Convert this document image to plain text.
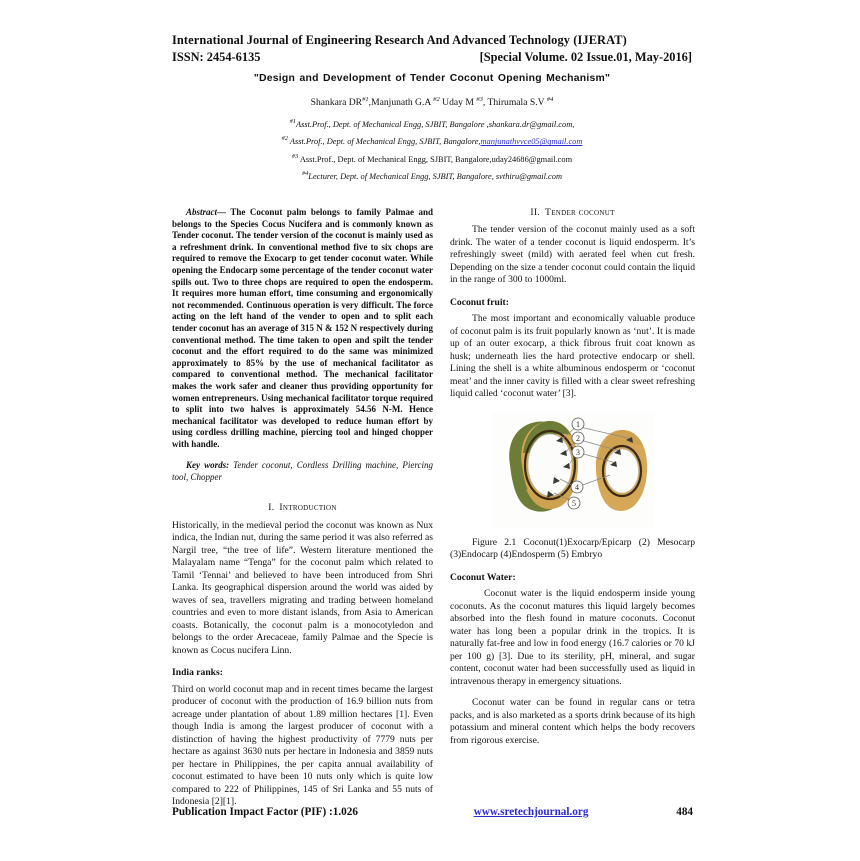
International Journal of Engineering Research And Advanced Technology (IJERAT)
ISSN: 2454-6135	[Special Volume. 02 Issue.01, May-2016]
"Design and Development of Tender Coconut Opening Mechanism"
Shankara DR$^{\#1}$,Manjunath G.A $^{\#2}$ Uday M $^{\#3}$, Thirumala S.V $^{\#4}$
$^{\#1}$Asst.Prof., Dept. of Mechanical Engg, SJBIT, Bangalore ,shankara.dr@gmail.com,
$^{\#2}$ Asst.Prof., Dept. of Mechanical Engg, SJBIT, Bangalore,manjunathvvce05@gmail.com
$^{\#3}$ Asst.Prof., Dept. of Mechanical Engg, SJBIT, Bangalore,uday24686@gmail.com
$^{\#4}$Lecturer, Dept. of Mechanical Engg, SJBIT, Bangalore, svthiru@gmail.com

Abstract— The Coconut palm belongs to family Palmae and belongs to the Species Cocus Nucifera and is commonly known as Tender coconut. The tender version of the coconut is mainly used as a refreshment drink. In conventional method five to six chops are required to remove the Exocarp to get tender coconut water. While opening the Endocarp some percentage of the tender coconut water spills out. Two to three chops are required to open the endosperm. It requires more human effort, time consuming and ergonomically not recommended. Continuous operation is very difficult. The force acting on the left hand of the vender to open and to split each tender coconut has an average of 315 N & 152 N respectively during conventional method. The time taken to open and spilt the tender coconut and the effort required to do the same was minimized approximately to 85% by the use of mechanical facilitator as compared to conventional method. The mechanical facilitator makes the work safer and cleaner thus providing opportunity for women entrepreneurs. Using mechanical facilitator torque required to split into two halves is approximately 54.56 N-M. Hence mechanical facilitator was developed to reduce human effort by using cordless drilling machine, piercing tool and hinged chopper with handle.

Key words: Tender coconut, Cordless Drilling machine, Piercing tool, Chopper

I. Introduction

Historically, in the medieval period the coconut was known as Nux indica, the Indian nut, during the same period it was also referred as Nargil tree, “the tree of life”. Western literature mentioned the Malayalam name “Tenga” for the coconut palm which related to Tamil ‘Tennai’ and believed to have been introduced from Shri Lanka. Its geographical dispersion around the world was aided by waves of sea, travellers migrating and trading between homeland countries and even to more distant islands, from Asia to American coasts. Botanically, the coconut palm is a monocotyledon and belongs to the order Arecaceae, family Palmae and the Specie is known as Cocus nucifera Linn.

India ranks:

Third on world coconut map and in recent times became the largest producer of coconut with the production of 16.9 billion nuts from acreage under plantation of about 1.89 million hectares [1]. Even though India is among the largest producer of coconut with a distinction of having the highest productivity of 7779 nuts per hectare as against 3630 nuts per hectare in Indonesia and 3859 nuts per hectare in Philippines, the per capita annual availability of coconut estimated to have been 10 nuts only which is quite low compared to 222 of Philippines, 145 of Sri Lanka and 55 nuts of Indonesia [2][1].

II. Tender coconut

The tender version of the coconut mainly used as a soft drink. The water of a tender coconut is liquid endosperm. It’s refreshingly sweet (mild) with aerated feel when cut fresh. Depending on the size a tender coconut could contain the liquid in the range of 300 to 1000ml.

Coconut fruit:

The most important and economically valuable produce of coconut palm is its fruit popularly known as ‘nut’. It is made up of an outer exocarp, a thick fibrous fruit coat known as husk; underneath lies the hard protective endocarp or shell. Lining the shell is a white albuminous endosperm or ‘coconut meat’ and the inner cavity is filled with a clear sweet refreshing liquid called ‘coconut water’ [3].

1
2
3
4
5

Figure 2.1 Coconut(1)Exocarp/Epicarp (2) Mesocarp (3)Endocarp (4)Endosperm (5) Embryo

Coconut Water:

Coconut water is the liquid endosperm inside young coconuts. As the coconut matures this liquid largely becomes absorbed into the flesh found in mature coconuts. Coconut water has long been a popular drink in the tropics. It is naturally fat-free and low in food energy (16.7 calories or 70 kJ per 100 g) [3]. Due to its sterility, pH, mineral, and sugar content, coconut water had been successfully used as liquid in intravenous therapy in emergency situations.

Coconut water can be found in regular cans or tetra packs, and is also marketed as a sports drink because of its high potassium and mineral content which helps the body recovers from rigorous exercise.

Publication Impact Factor (PIF) :1.026	www.sretechjournal.org	484
